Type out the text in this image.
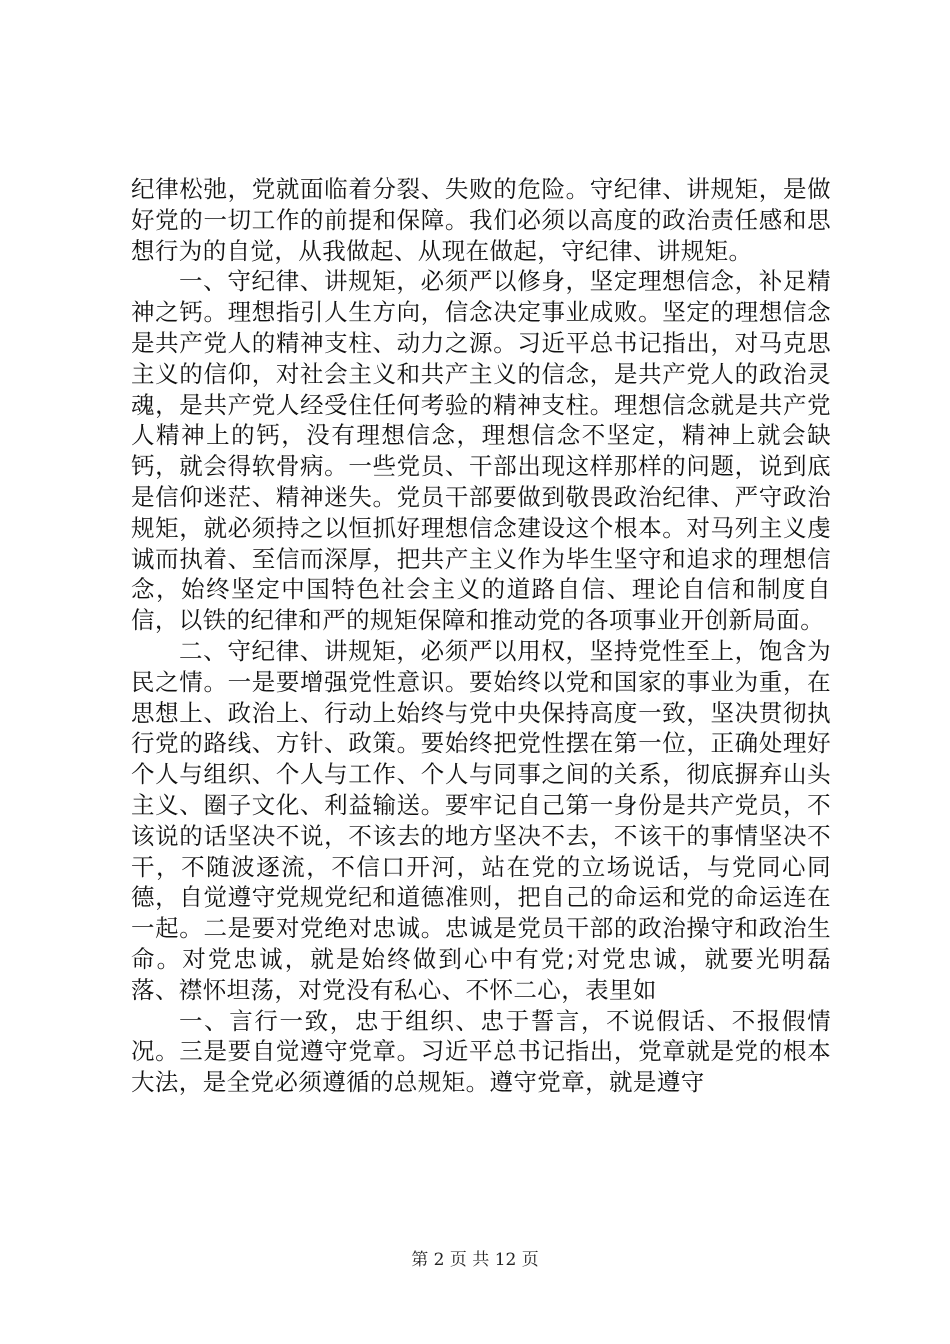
纪律松弛，党就面临着分裂、失败的危险。守纪律、讲规矩，是做好党的一切工作的前提和保障。我们必须以高度的政治责任感和思想行为的自觉，从我做起、从现在做起，守纪律、讲规矩。

一、守纪律、讲规矩，必须严以修身，坚定理想信念，补足精神之钙。理想指引人生方向，信念决定事业成败。坚定的理想信念是共产党人的精神支柱、动力之源。习近平总书记指出，对马克思主义的信仰，对社会主义和共产主义的信念，是共产党人的政治灵魂，是共产党人经受住任何考验的精神支柱。理想信念就是共产党人精神上的钙，没有理想信念，理想信念不坚定，精神上就会缺钙，就会得软骨病。一些党员、干部出现这样那样的问题，说到底是信仰迷茫、精神迷失。党员干部要做到敬畏政治纪律、严守政治规矩，就必须持之以恒抓好理想信念建设这个根本。对马列主义虔诚而执着、至信而深厚，把共产主义作为毕生坚守和追求的理想信念，始终坚定中国特色社会主义的道路自信、理论自信和制度自信，以铁的纪律和严的规矩保障和推动党的各项事业开创新局面。

二、守纪律、讲规矩，必须严以用权，坚持党性至上，饱含为民之情。一是要增强党性意识。要始终以党和国家的事业为重，在思想上、政治上、行动上始终与党中央保持高度一致，坚决贯彻执行党的路线、方针、政策。要始终把党性摆在第一位，正确处理好个人与组织、个人与工作、个人与同事之间的关系，彻底摒弃山头主义、圈子文化、利益输送。要牢记自己第一身份是共产党员，不该说的话坚决不说，不该去的地方坚决不去，不该干的事情坚决不干，不随波逐流，不信口开河，站在党的立场说话，与党同心同德，自觉遵守党规党纪和道德准则，把自己的命运和党的命运连在一起。二是要对党绝对忠诚。忠诚是党员干部的政治操守和政治生命。对党忠诚，就是始终做到心中有党;对党忠诚，就要光明磊落、襟怀坦荡，对党没有私心、不怀二心，表里如

一、言行一致，忠于组织、忠于誓言，不说假话、不报假情况。三是要自觉遵守党章。习近平总书记指出，党章就是党的根本大法，是全党必须遵循的总规矩。遵守党章，就是遵守

第 2 页 共 12 页
